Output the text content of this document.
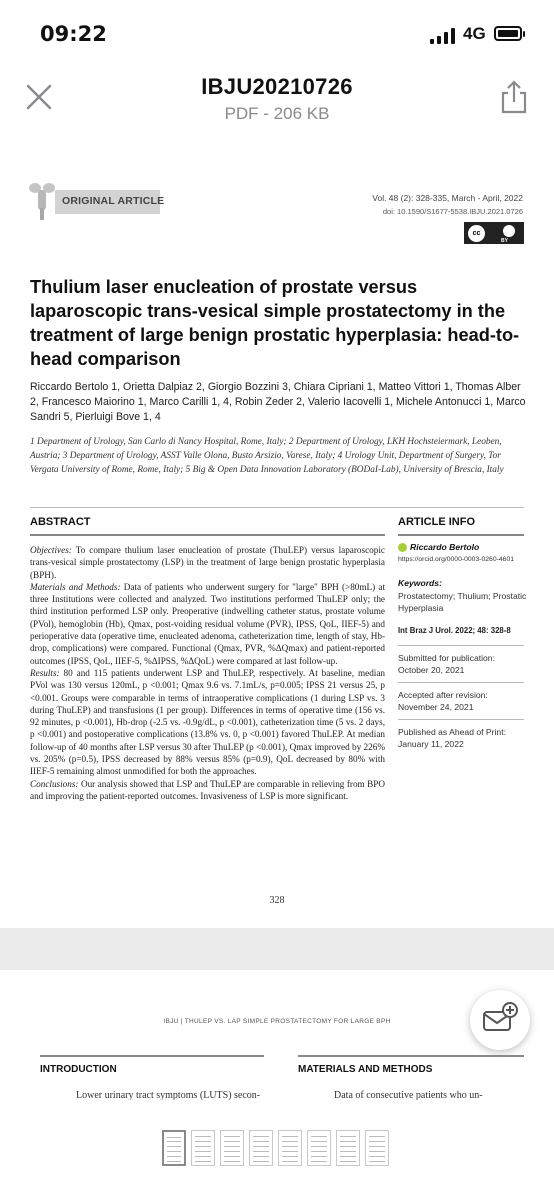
09:22	4G
IBJU20210726
PDF - 206 KB
ORIGINAL ARTICLE	Vol. 48 (2): 328-335, March - April, 2022
doi: 10.1590/S1677-5538.IBJU.2021.0726
cc
BY
Thulium laser enucleation of prostate versus laparoscopic trans-vesical simple prostatectomy in the treatment of large benign prostatic hyperplasia: head-to-head comparison
Riccardo Bertolo 1, Orietta Dalpiaz 2, Giorgio Bozzini 3, Chiara Cipriani 1, Matteo Vittori 1, Thomas Alber 2, Francesco Maiorino 1, Marco Carilli 1, 4, Robin Zeder 2, Valerio Iacovelli 1, Michele Antonucci 1, Marco Sandri 5, Pierluigi Bove 1, 4
1 Department of Urology, San Carlo di Nancy Hospital, Rome, Italy; 2 Department of Urology, LKH Hochsteiermark, Leoben, Austria; 3 Department of Urology, ASST Valle Olona, Busto Arsizio, Varese, Italy; 4 Urology Unit, Department of Surgery, Tor Vergata University of Rome, Rome, Italy; 5 Big & Open Data Innovation Laboratory (BODaI-Lab), University of Brescia, Italy
ABSTRACT

Objectives: To compare thulium laser enucleation of prostate (ThuLEP) versus laparoscopic trans-vesical simple prostatectomy (LSP) in the treatment of large benign prostatic hyperplasia (BPH).

Materials and Methods: Data of patients who underwent surgery for "large" BPH (>80mL) at three Institutions were collected and analyzed. Two institutions performed ThuLEP only; the third institution performed LSP only. Preoperative (indwelling catheter status, prostate volume (PVol), hemoglobin (Hb), Qmax, post-voiding residual volume (PVR), IPSS, QoL, IIEF-5) and perioperative data (operative time, enucleated adenoma, catheterization time, length of stay, Hb-drop, complications) were compared. Functional (Qmax, PVR, %ΔQmax) and patient-reported outcomes (IPSS, QoL, IIEF-5, %ΔIPSS, %ΔQoL) were compared at last follow-up.

Results: 80 and 115 patients underwent LSP and ThuLEP, respectively. At baseline, median PVol was 130 versus 120mL, p <0.001; Qmax 9.6 vs. 7.1mL/s, p=0.005; IPSS 21 versus 25, p <0.001. Groups were comparable in terms of intraoperative complications (1 during LSP vs. 3 during ThuLEP) and transfusions (1 per group). Differences in terms of operative time (156 vs. 92 minutes, p <0.001), Hb-drop (-2.5 vs. -0.9g/dL, p <0.001), catheterization time (5 vs. 2 days, p <0.001) and postoperative complications (13.8% vs. 0, p <0.001) favored ThuLEP. At median follow-up of 40 months after LSP versus 30 after ThuLEP (p <0.001), Qmax improved by 226% vs. 205% (p=0.5), IPSS decreased by 88% versus 85% (p=0.9), QoL decreased by 80% with IIEF-5 remaining almost unmodified for both the approaches.

Conclusions: Our analysis showed that LSP and ThuLEP are comparable in relieving from BPO and improving the patient-reported outcomes. Invasiveness of LSP is more significant.

ARTICLE INFO
Riccardo Bertolo
https://orcid.org/0000-0003-0260-4601
Keywords:
Prostatectomy; Thulium; Prostatic Hyperplasia
Int Braz J Urol. 2022; 48: 328-8
Submitted for publication:
October 20, 2021
Accepted after revision:
November 24, 2021
Published as Ahead of Print:
January 11, 2022
328
IBJU | THULEP VS. LAP SIMPLE PROSTATECTOMY FOR LARGE BPH
INTRODUCTION	MATERIALS AND METHODS
Lower urinary tract symptoms (LUTS) secon-	Data of consecutive patients who un-
